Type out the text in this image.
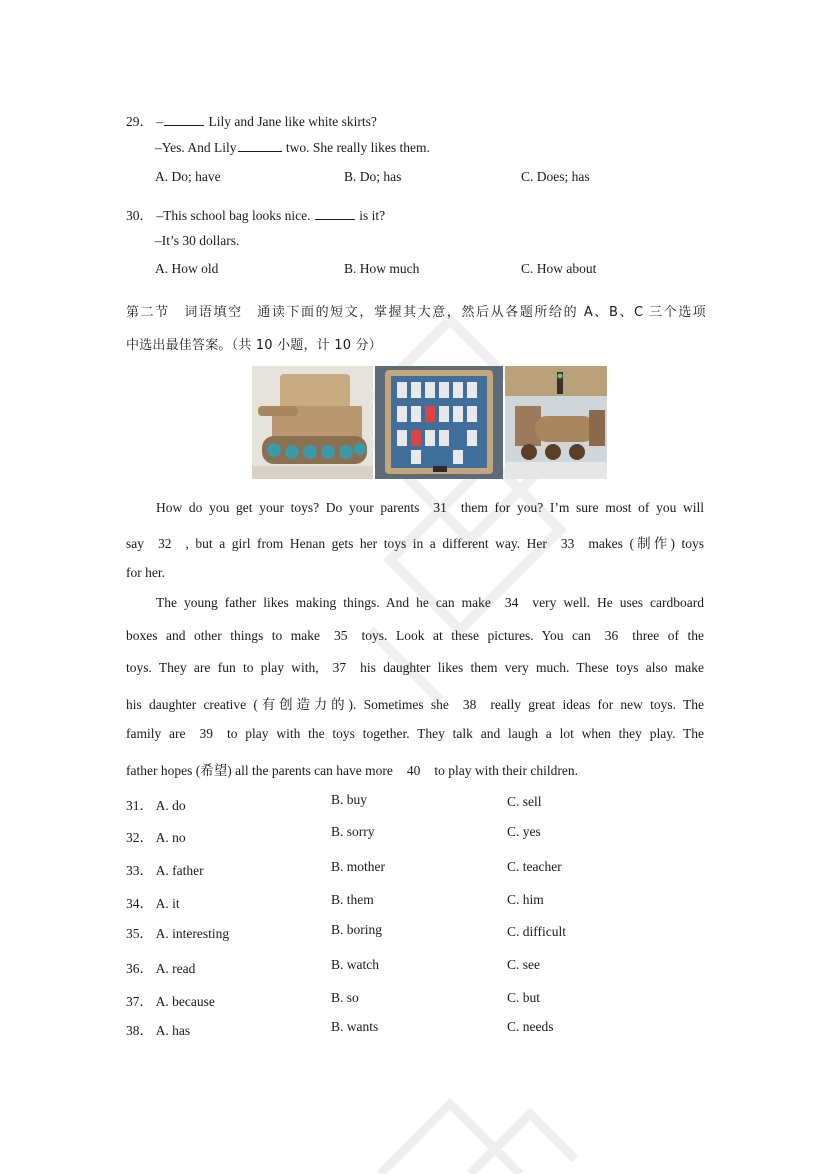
29． –	Lily and Jane like white skirts?
–Yes. And Lily	two. She really likes them.
A. Do; have	B. Do; has	C. Does; has
30． –This school bag looks nice.	is it?
–It’s 30 dollars.
A. How old	B. How much	C. How about
第二节　词语填空　通读下面的短文，掌握其大意，然后从各题所给的 A、B、C 三个选项
中选出最佳答案。（共 10 小题，计 10 分）
How do you get your toys? Do your parents 31 them for you? I’m sure most of you will
say 32 , but a girl from Henan gets her toys in a different way. Her 33 makes (制作) toys
for her.
The young father likes making things. And he can make 34 very well. He uses cardboard
boxes and other things to make 35 toys. Look at these pictures. You can 36 three of the
toys. They are fun to play with, 37 his daughter likes them very much. These toys also make
his daughter creative (有创造力的). Sometimes she 38 really great ideas for new toys. The
family are 39 to play with the toys together. They talk and laugh a lot when they play. The
father hopes (希望) all the parents can have more 40 to play with their children.
31． A. do	B. buy	C. sell
32． A. no	B. sorry	C. yes
33． A. father	B. mother	C. teacher
34． A. it	B. them	C. him
35． A. interesting	B. boring	C. difficult
36． A. read	B. watch	C. see
37． A. because	B. so	C. but
38． A. has	B. wants	C. needs
